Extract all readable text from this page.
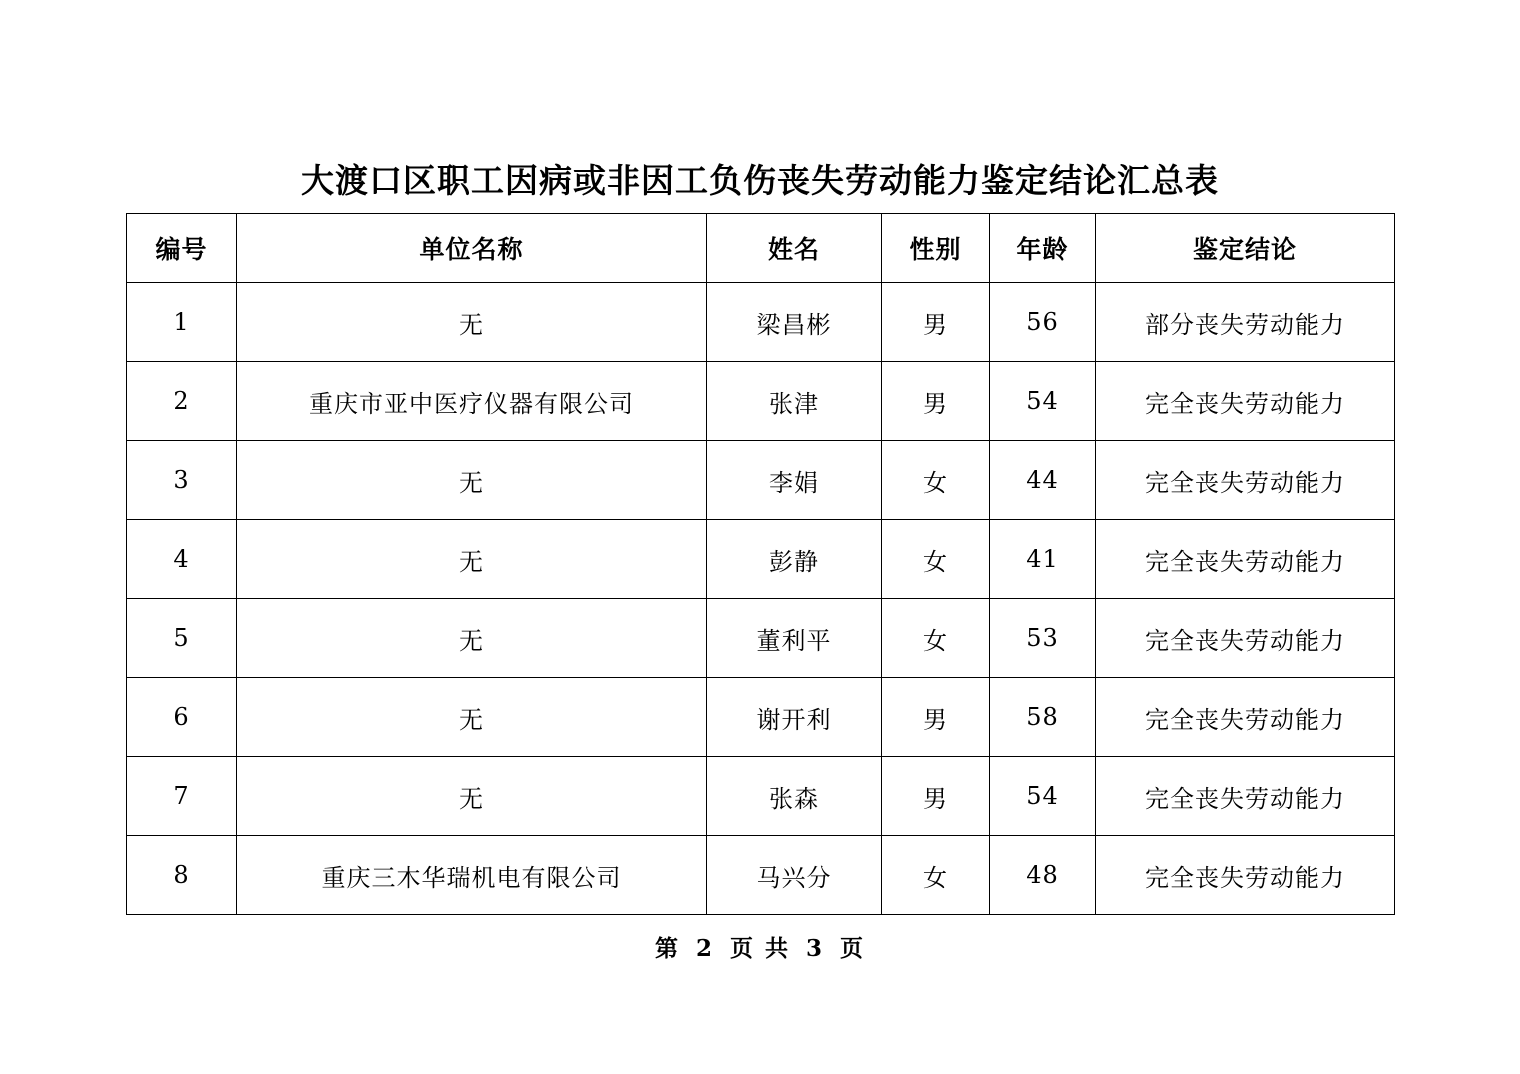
大渡口区职工因病或非因工负伤丧失劳动能力鉴定结论汇总表
编号	单位名称	姓名	性别	年龄	鉴定结论
1	无	梁昌彬	男	56	部分丧失劳动能力
2	重庆市亚中医疗仪器有限公司	张津	男	54	完全丧失劳动能力
3	无	李娟	女	44	完全丧失劳动能力
4	无	彭静	女	41	完全丧失劳动能力
5	无	董利平	女	53	完全丧失劳动能力
6	无	谢开利	男	58	完全丧失劳动能力
7	无	张森	男	54	完全丧失劳动能力
8	重庆三木华瑞机电有限公司	马兴分	女	48	完全丧失劳动能力
第 2 页 共 3 页
